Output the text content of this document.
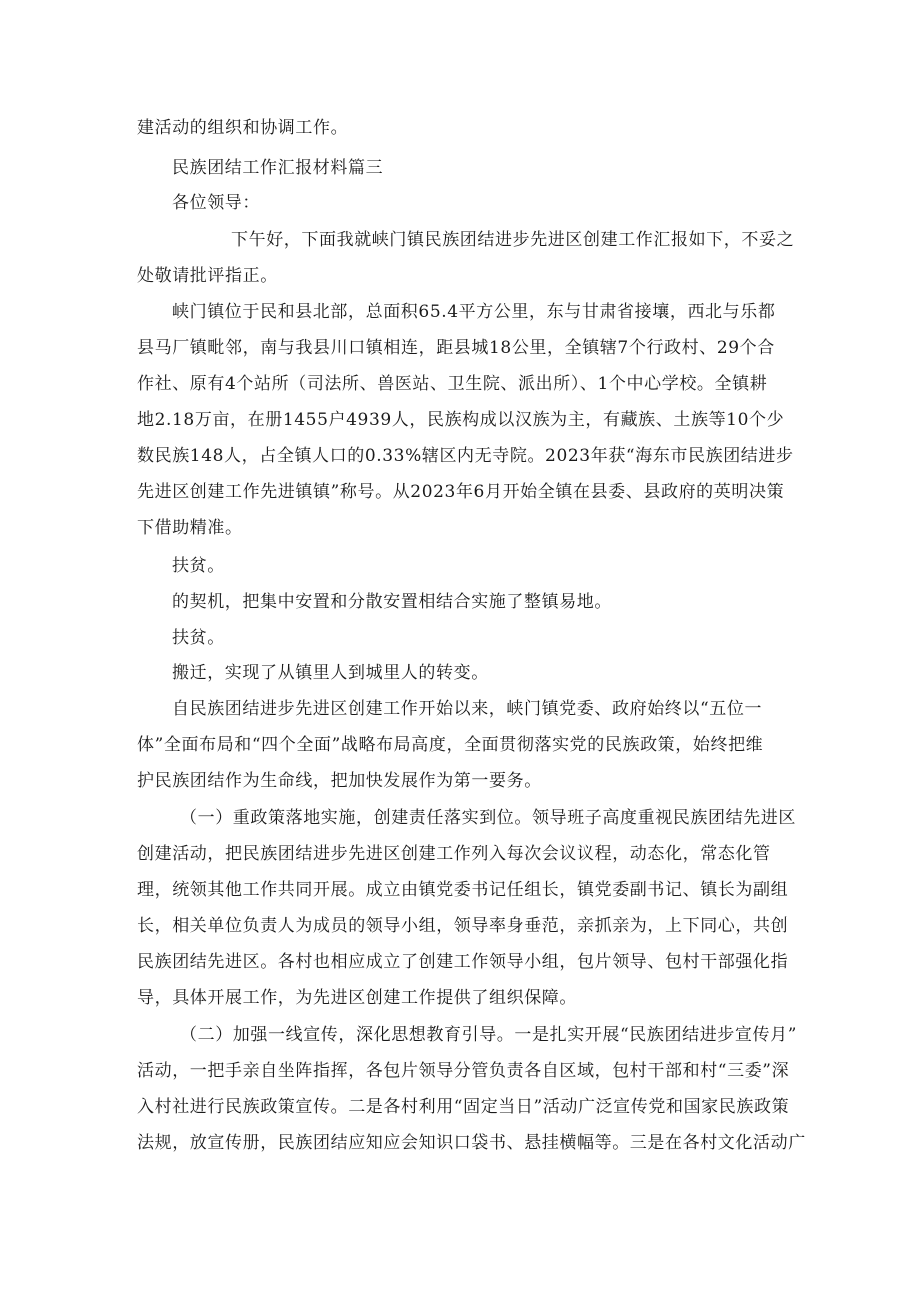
建活动的组织和协调工作。
民族团结工作汇报材料篇三
各位领导：
下午好，下面我就峡门镇民族团结进步先进区创建工作汇报如下，不妥之
处敬请批评指正。
峡门镇位于民和县北部，总面积65.4平方公里，东与甘肃省接壤，西北与乐都
县马厂镇毗邻，南与我县川口镇相连，距县城18公里，全镇辖7个行政村、29个合
作社、原有4个站所（司法所、兽医站、卫生院、派出所）、1个中心学校。全镇耕
地2.18万亩，在册1455户4939人，民族构成以汉族为主，有藏族、土族等10个少
数民族148人，占全镇人口的0.33%辖区内无寺院。2023年获“海东市民族团结进步
先进区创建工作先进镇镇”称号。从2023年6月开始全镇在县委、县政府的英明决策
下借助精准。
扶贫。
的契机，把集中安置和分散安置相结合实施了整镇易地。
扶贫。
搬迁，实现了从镇里人到城里人的转变。
自民族团结进步先进区创建工作开始以来，峡门镇党委、政府始终以“五位一
体”全面布局和“四个全面”战略布局高度，全面贯彻落实党的民族政策，始终把维
护民族团结作为生命线，把加快发展作为第一要务。
（一）重政策落地实施，创建责任落实到位。领导班子高度重视民族团结先进区
创建活动，把民族团结进步先进区创建工作列入每次会议议程，动态化，常态化管
理，统领其他工作共同开展。成立由镇党委书记任组长，镇党委副书记、镇长为副组
长，相关单位负责人为成员的领导小组，领导率身垂范，亲抓亲为，上下同心，共创
民族团结先进区。各村也相应成立了创建工作领导小组，包片领导、包村干部强化指
导，具体开展工作，为先进区创建工作提供了组织保障。
（二）加强一线宣传，深化思想教育引导。一是扎实开展“民族团结进步宣传月”
活动，一把手亲自坐阵指挥，各包片领导分管负责各自区域，包村干部和村“三委”深
入村社进行民族政策宣传。二是各村利用“固定当日”活动广泛宣传党和国家民族政策
法规，放宣传册，民族团结应知应会知识口袋书、悬挂横幅等。三是在各村文化活动广
